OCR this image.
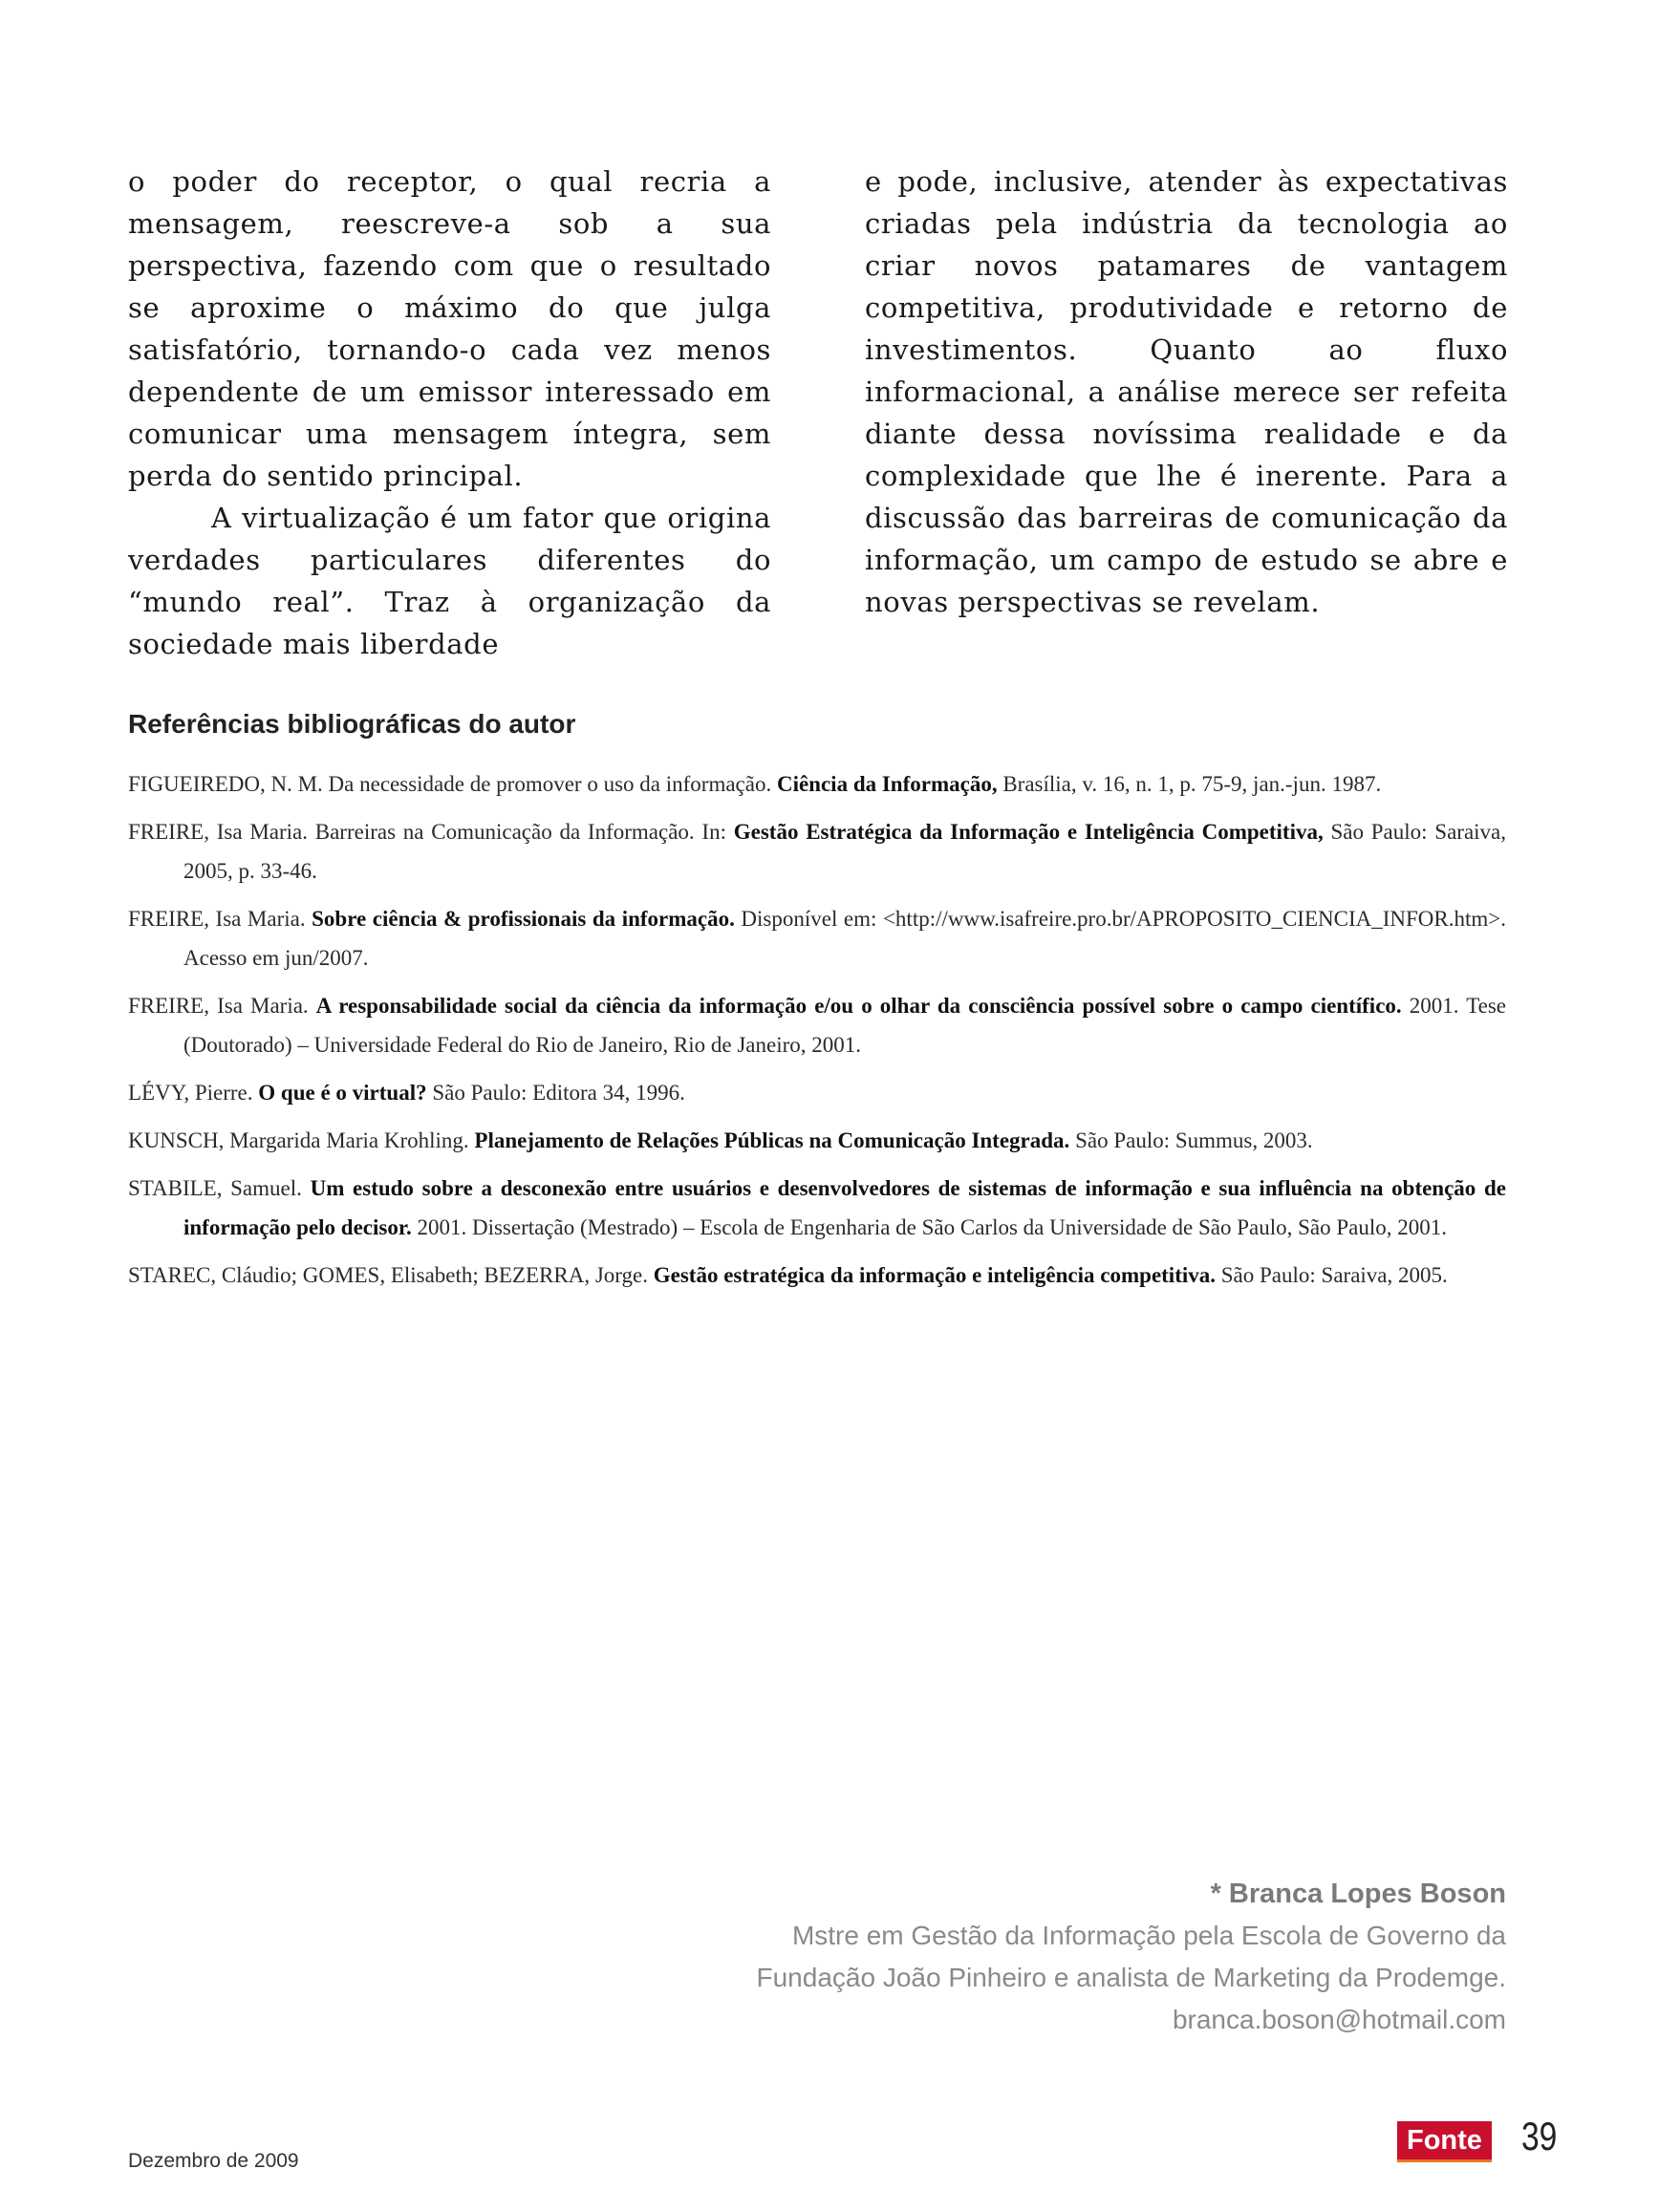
o poder do receptor, o qual recria a mensagem, reescreve-a sob a sua perspectiva, fazendo com que o resultado se aproxime o máximo do que julga satisfatório, tornando-o cada vez menos dependente de um emissor interessado em comunicar uma mensagem íntegra, sem perda do sentido principal.

A virtualização é um fator que origina verdades particulares diferentes do “mundo real”. Traz à organização da sociedade mais liberdade

e pode, inclusive, atender às expectativas criadas pela indústria da tecnologia ao criar novos patamares de vantagem competitiva, produtividade e retorno de investimentos. Quanto ao fluxo informacional, a análise merece ser refeita diante dessa novíssima realidade e da complexidade que lhe é inerente. Para a discussão das barreiras de comunicação da informação, um campo de estudo se abre e novas perspectivas se revelam.

Referências bibliográficas do autor
FIGUEIREDO, N. M. Da necessidade de promover o uso da informação. Ciência da Informação, Brasília, v. 16, n. 1, p. 75-9, jan.-jun. 1987.
FREIRE, Isa Maria. Barreiras na Comunicação da Informação. In: Gestão Estratégica da Informação e Inteligência Competitiva, São Paulo: Saraiva, 2005, p. 33-46.
FREIRE, Isa Maria. Sobre ciência & profissionais da informação. Disponível em: <http://www.isafreire.pro.br/APROPOSITO_CIENCIA_INFOR.htm>. Acesso em jun/2007.
FREIRE, Isa Maria. A responsabilidade social da ciência da informação e/ou o olhar da consciência possível sobre o campo científico. 2001. Tese (Doutorado) – Universidade Federal do Rio de Janeiro, Rio de Janeiro, 2001.
LÉVY, Pierre. O que é o virtual? São Paulo: Editora 34, 1996.
KUNSCH, Margarida Maria Krohling. Planejamento de Relações Públicas na Comunicação Integrada. São Paulo: Summus, 2003.
STABILE, Samuel. Um estudo sobre a desconexão entre usuários e desenvolvedores de sistemas de informação e sua influência na obtenção de informação pelo decisor. 2001. Dissertação (Mestrado) – Escola de Engenharia de São Carlos da Universidade de São Paulo, São Paulo, 2001.
STAREC, Cláudio; GOMES, Elisabeth; BEZERRA, Jorge. Gestão estratégica da informação e inteligência competitiva. São Paulo: Saraiva, 2005.
* Branca Lopes Boson
Mstre em Gestão da Informação pela Escola de Governo da
Fundação João Pinheiro e analista de Marketing da Prodemge.
branca.boson@hotmail.com
Dezembro de 2009
Fonte 39
